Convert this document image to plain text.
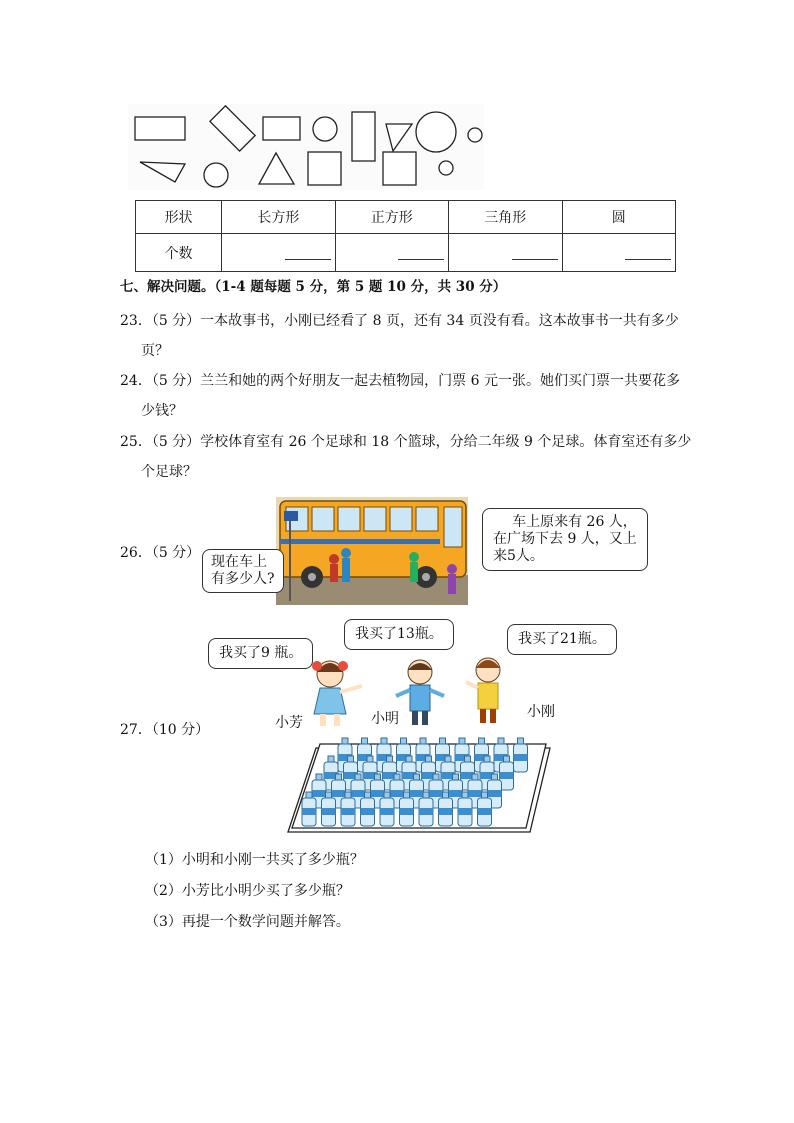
形状	长方形	正方形	三角形	圆
个数				
七、解决问题。（1-4 题每题 5 分，第 5 题 10 分，共 30 分）
23．（5 分）一本故事书，小刚已经看了 8 页，还有 34 页没有看。这本故事书一共有多少
页？
24．（5 分）兰兰和她的两个好朋友一起去植物园，门票 6 元一张。她们买门票一共要花多
少钱？
25．（5 分）学校体育室有 26 个足球和 18 个篮球，分给二年级 9 个足球。体育室还有多少
个足球？
26．（5 分）
现在车上
有多少人?
车上原来有 26 人，
在广场下去 9 人，又上
来5人。
我买了9 瓶。
我买了13瓶。	我买了21瓶。
小芳	小明	小刚
27．（10 分）
（1）小明和小刚一共买了多少瓶？
（2）小芳比小明少买了多少瓶？
（3）再提一个数学问题并解答。
